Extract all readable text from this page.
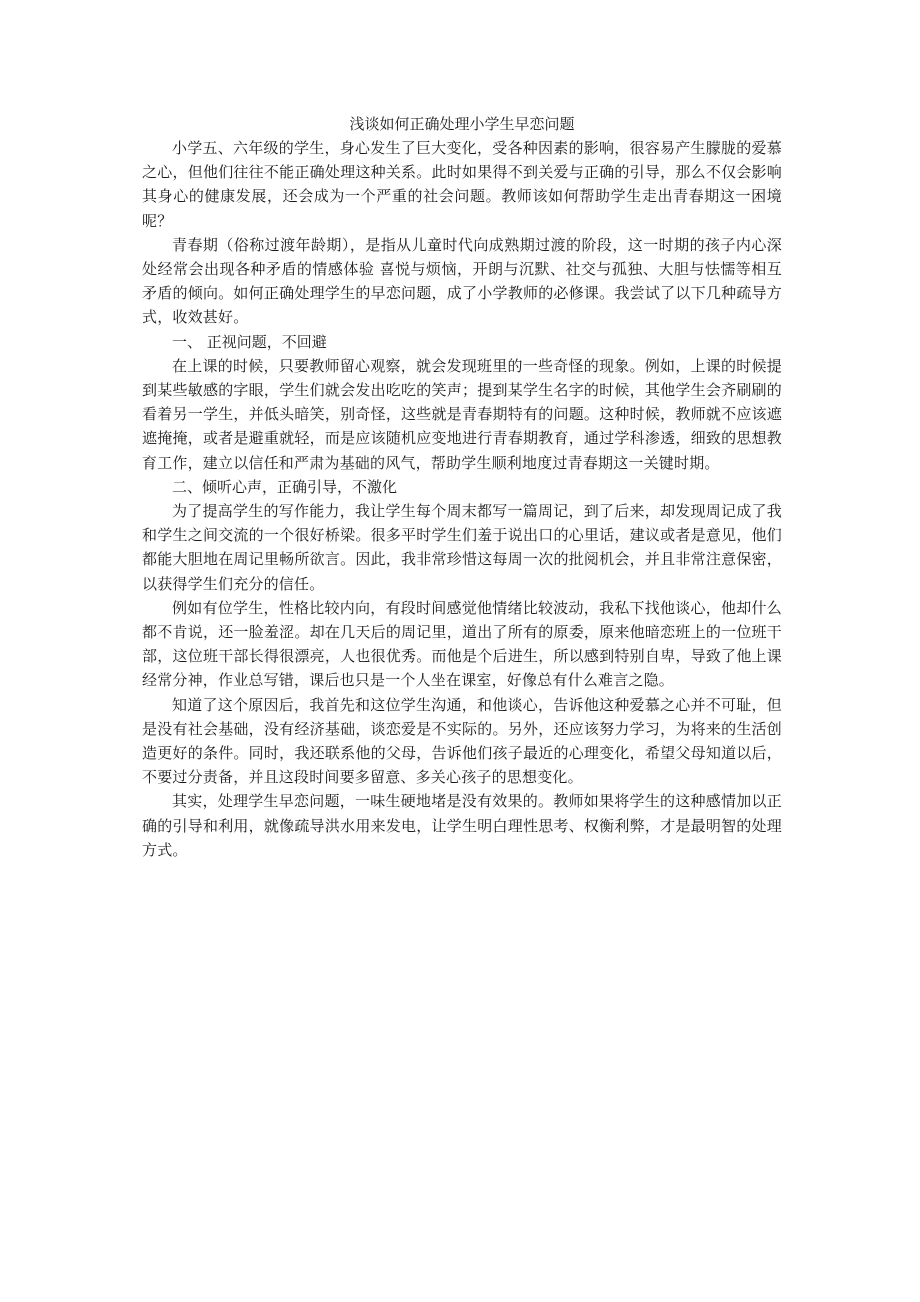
浅谈如何正确处理小学生早恋问题

小学五、六年级的学生，身心发生了巨大变化，受各种因素的影响，很容易产生朦胧的爱慕之心，但他们往往不能正确处理这种关系。此时如果得不到关爱与正确的引导，那么不仅会影响其身心的健康发展，还会成为一个严重的社会问题。教师该如何帮助学生走出青春期这一困境呢？

青春期（俗称过渡年龄期），是指从儿童时代向成熟期过渡的阶段，这一时期的孩子内心深处经常会出现各种矛盾的情感体验 喜悦与烦恼，开朗与沉默、社交与孤独、大胆与怯懦等相互矛盾的倾向。如何正确处理学生的早恋问题，成了小学教师的必修课。我尝试了以下几种疏导方式，收效甚好。

一、 正视问题，不回避

在上课的时候，只要教师留心观察，就会发现班里的一些奇怪的现象。例如，上课的时候提到某些敏感的字眼，学生们就会发出吃吃的笑声；提到某学生名字的时候，其他学生会齐刷刷的看着另一学生，并低头暗笑，别奇怪，这些就是青春期特有的问题。这种时候，教师就不应该遮遮掩掩，或者是避重就轻，而是应该随机应变地进行青春期教育，通过学科渗透，细致的思想教育工作，建立以信任和严肃为基础的风气，帮助学生顺利地度过青春期这一关键时期。

二、倾听心声，正确引导，不激化

为了提高学生的写作能力，我让学生每个周末都写一篇周记，到了后来，却发现周记成了我和学生之间交流的一个很好桥梁。很多平时学生们羞于说出口的心里话，建议或者是意见，他们都能大胆地在周记里畅所欲言。因此，我非常珍惜这每周一次的批阅机会，并且非常注意保密，以获得学生们充分的信任。

例如有位学生，性格比较内向，有段时间感觉他情绪比较波动，我私下找他谈心，他却什么都不肯说，还一脸羞涩。却在几天后的周记里，道出了所有的原委，原来他暗恋班上的一位班干部，这位班干部长得很漂亮，人也很优秀。而他是个后进生，所以感到特别自卑，导致了他上课经常分神，作业总写错，课后也只是一个人坐在课室，好像总有什么难言之隐。

知道了这个原因后，我首先和这位学生沟通，和他谈心，告诉他这种爱慕之心并不可耻，但是没有社会基础，没有经济基础，谈恋爱是不实际的。另外，还应该努力学习，为将来的生活创造更好的条件。同时，我还联系他的父母，告诉他们孩子最近的心理变化，希望父母知道以后，不要过分责备，并且这段时间要多留意、多关心孩子的思想变化。

其实，处理学生早恋问题，一味生硬地堵是没有效果的。教师如果将学生的这种感情加以正确的引导和利用，就像疏导洪水用来发电，让学生明白理性思考、权衡利弊，才是最明智的处理方式。
